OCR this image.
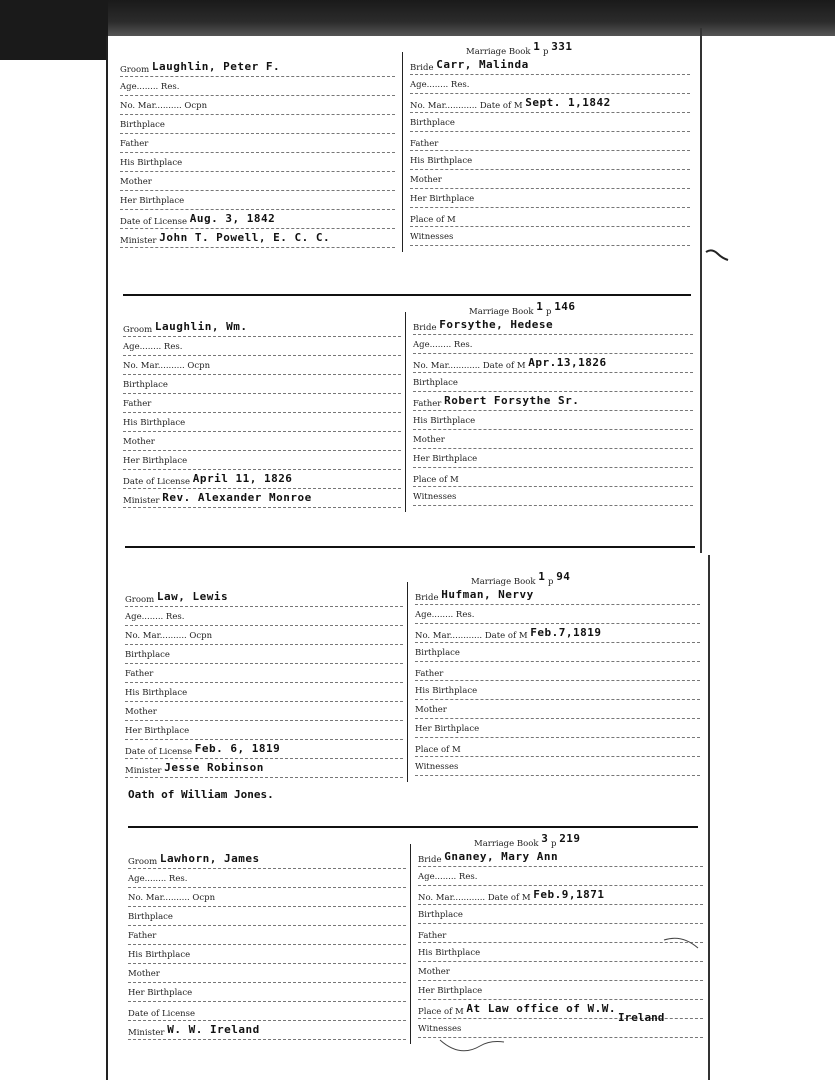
Marriage Book 1 p 331
Groom Laughlin, Peter F.
Age........ Res.
No. Mar.......... Ocpn
Birthplace
Father
His Birthplace
Mother
Her Birthplace
Date of License Aug. 3, 1842
Minister John T. Powell, E. C. C.
Bride Carr, Malinda
Age........ Res.
No. Mar............ Date of M Sept. 1,1842
Birthplace
Father
His Birthplace
Mother
Her Birthplace
Place of M
Witnesses
Marriage Book 1 p 146
Groom Laughlin, Wm.
Age........ Res.
No. Mar.......... Ocpn
Birthplace
Father
His Birthplace
Mother
Her Birthplace
Date of License April 11, 1826
Minister Rev. Alexander Monroe
Bride Forsythe, Hedese
Age........ Res.
No. Mar............ Date of M Apr.13,1826
Birthplace
Father Robert Forsythe Sr.
His Birthplace
Mother
Her Birthplace
Place of M
Witnesses
Marriage Book 1 p 94
Groom Law, Lewis
Age........ Res.
No. Mar.......... Ocpn
Birthplace
Father
His Birthplace
Mother
Her Birthplace
Date of License Feb. 6, 1819
Minister Jesse Robinson
Oath of William Jones.
Bride Hufman, Nervy
Age........ Res.
No. Mar............ Date of M Feb.7,1819
Birthplace
Father
His Birthplace
Mother
Her Birthplace
Place of M
Witnesses
Marriage Book 3 p 219
Groom Lawhorn, James
Age........ Res.
No. Mar.......... Ocpn
Birthplace
Father
His Birthplace
Mother
Her Birthplace
Date of License
Minister W. W. Ireland
Bride Gnaney, Mary Ann
Age........ Res.
No. Mar............ Date of M Feb.9,1871
Birthplace
Father
His Birthplace
Mother
Her Birthplace
Place of M At Law office of W.W.
Ireland
Witnesses
